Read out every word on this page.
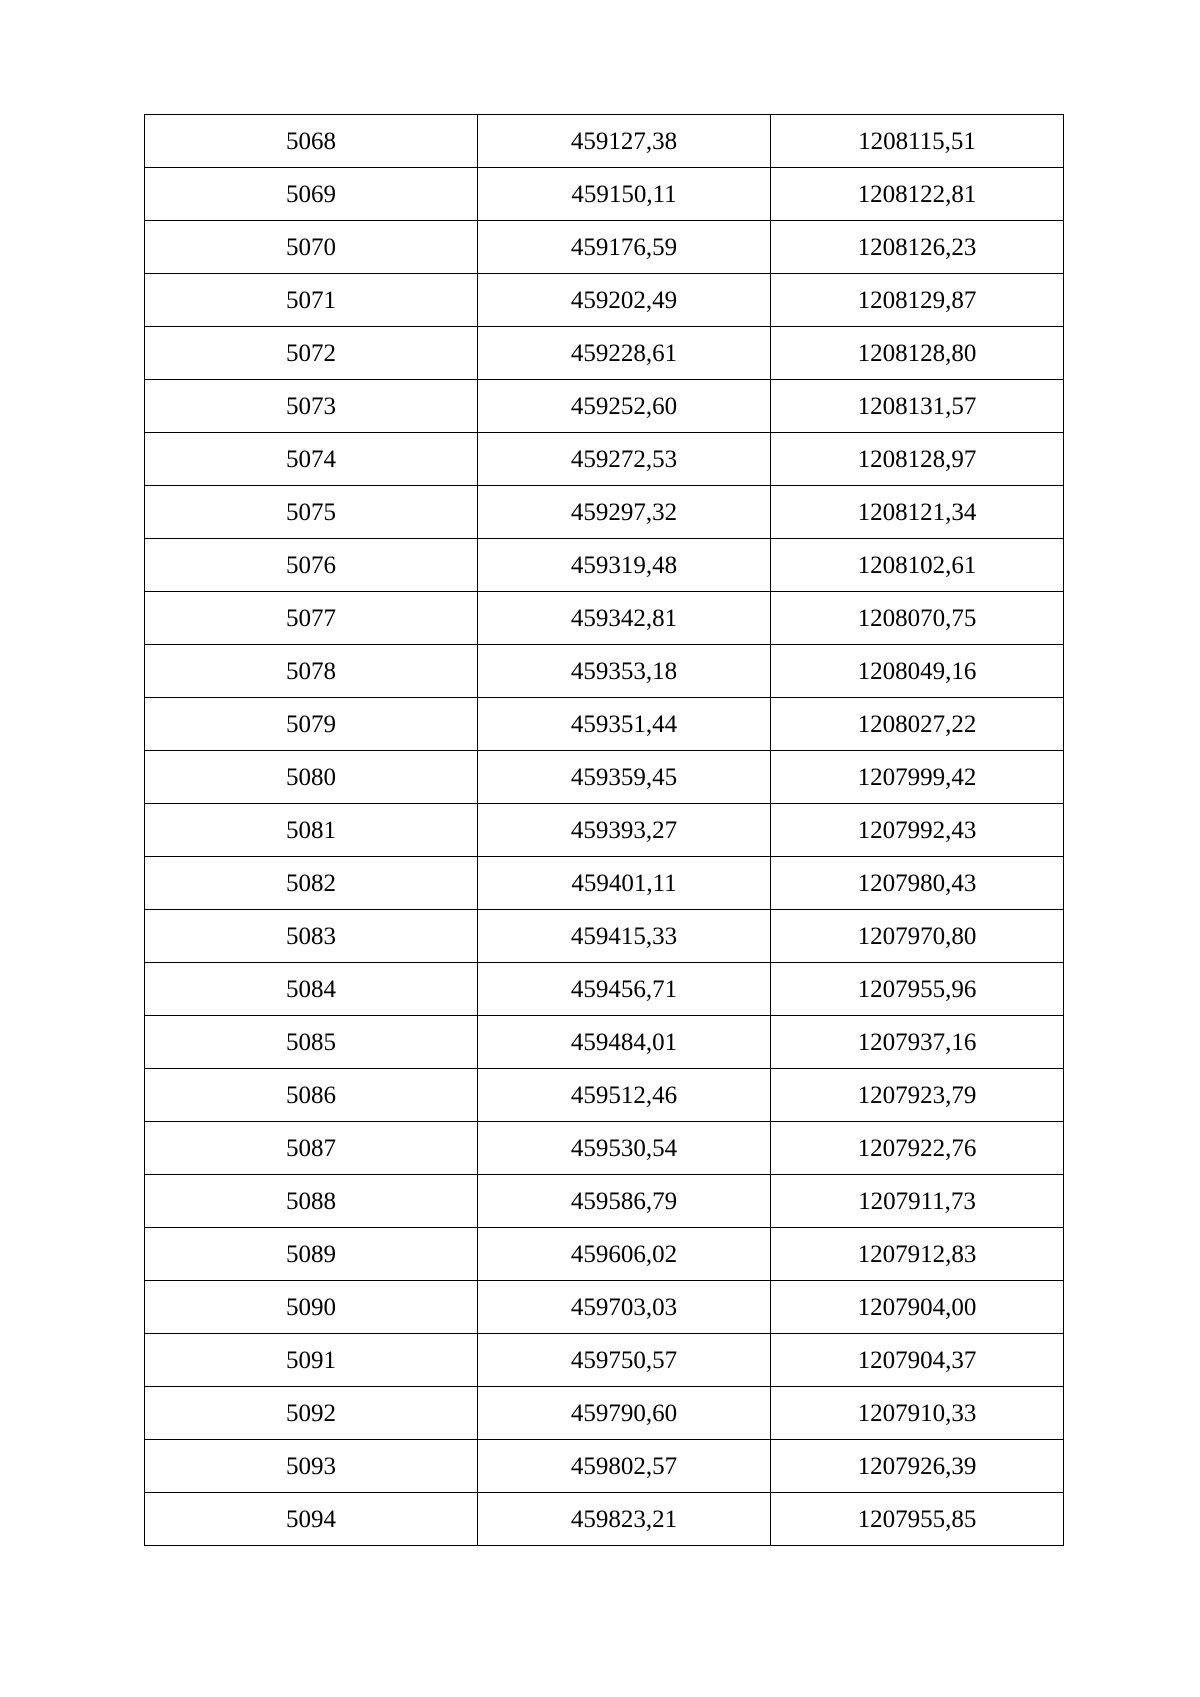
5068	459127,38	1208115,51
5069	459150,11	1208122,81
5070	459176,59	1208126,23
5071	459202,49	1208129,87
5072	459228,61	1208128,80
5073	459252,60	1208131,57
5074	459272,53	1208128,97
5075	459297,32	1208121,34
5076	459319,48	1208102,61
5077	459342,81	1208070,75
5078	459353,18	1208049,16
5079	459351,44	1208027,22
5080	459359,45	1207999,42
5081	459393,27	1207992,43
5082	459401,11	1207980,43
5083	459415,33	1207970,80
5084	459456,71	1207955,96
5085	459484,01	1207937,16
5086	459512,46	1207923,79
5087	459530,54	1207922,76
5088	459586,79	1207911,73
5089	459606,02	1207912,83
5090	459703,03	1207904,00
5091	459750,57	1207904,37
5092	459790,60	1207910,33
5093	459802,57	1207926,39
5094	459823,21	1207955,85
